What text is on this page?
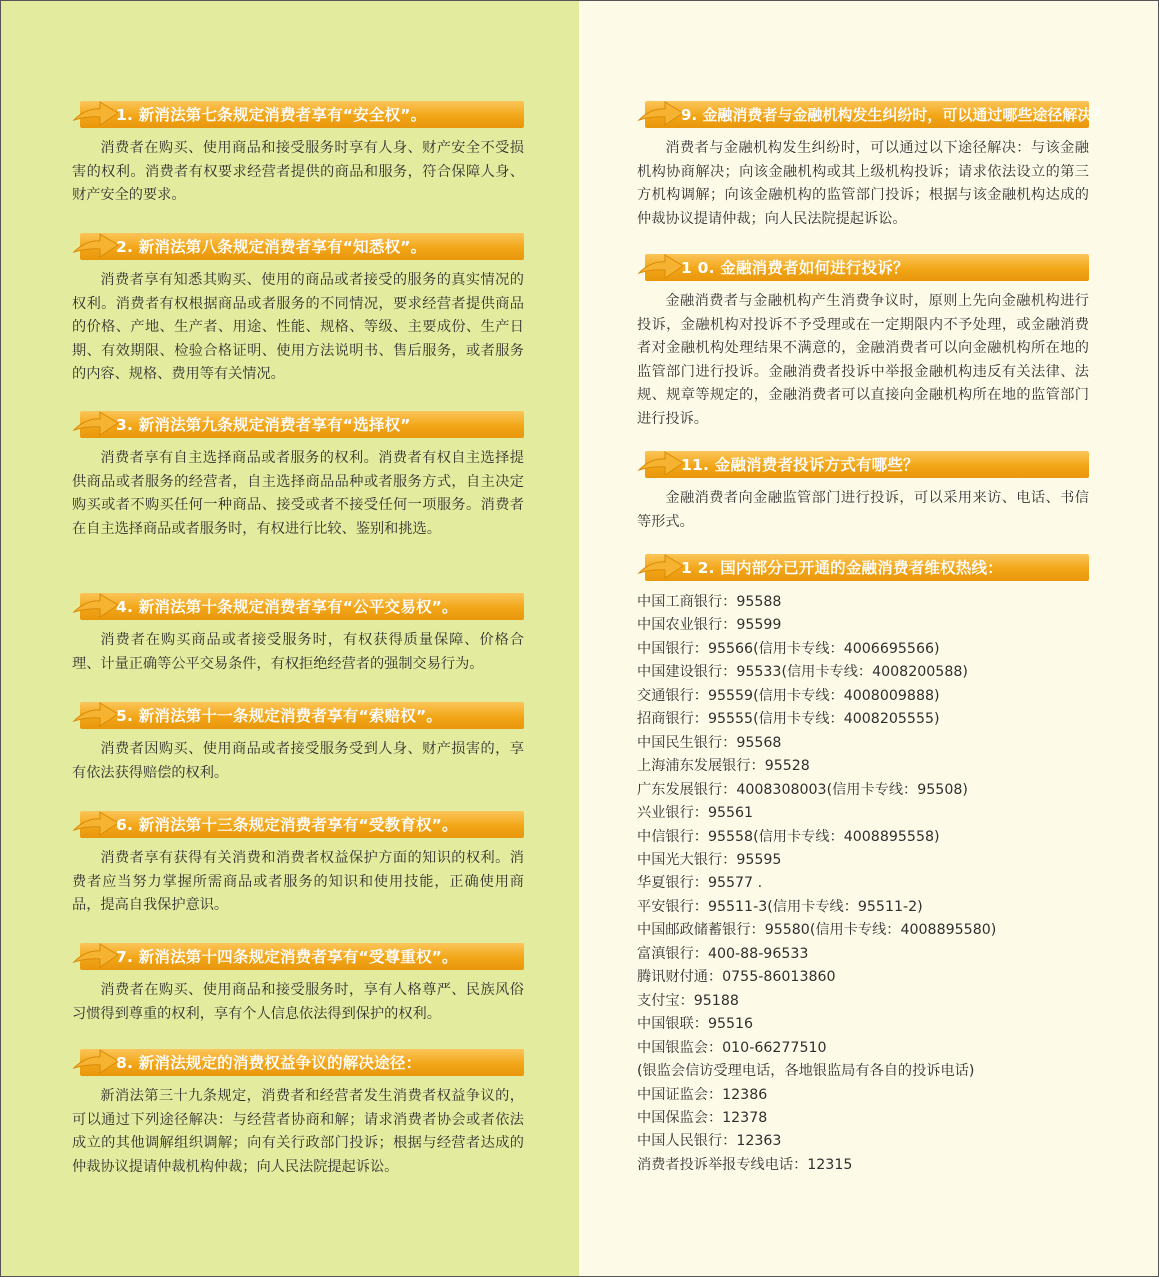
1. 新消法第七条规定消费者享有“安全权”。
消费者在购买、使用商品和接受服务时享有人身、财产安全不受损害的权利。消费者有权要求经营者提供的商品和服务，符合保障人身、财产安全的要求。
2. 新消法第八条规定消费者享有“知悉权”。
消费者享有知悉其购买、使用的商品或者接受的服务的真实情况的权利。消费者有权根据商品或者服务的不同情况，要求经营者提供商品的价格、产地、生产者、用途、性能、规格、等级、主要成份、生产日期、有效期限、检验合格证明、使用方法说明书、售后服务，或者服务的内容、规格、费用等有关情况。
3. 新消法第九条规定消费者享有“选择权”
消费者享有自主选择商品或者服务的权利。消费者有权自主选择提供商品或者服务的经营者，自主选择商品品种或者服务方式，自主决定购买或者不购买任何一种商品、接受或者不接受任何一项服务。消费者在自主选择商品或者服务时，有权进行比较、鉴别和挑选。
4. 新消法第十条规定消费者享有“公平交易权”。
消费者在购买商品或者接受服务时，有权获得质量保障、价格合理、计量正确等公平交易条件，有权拒绝经营者的强制交易行为。
5. 新消法第十一条规定消费者享有“索赔权”。
消费者因购买、使用商品或者接受服务受到人身、财产损害的，享有依法获得赔偿的权利。
6. 新消法第十三条规定消费者享有“受教育权”。
消费者享有获得有关消费和消费者权益保护方面的知识的权利。消费者应当努力掌握所需商品或者服务的知识和使用技能，正确使用商品，提高自我保护意识。
7. 新消法第十四条规定消费者享有“受尊重权”。
消费者在购买、使用商品和接受服务时，享有人格尊严、民族风俗习惯得到尊重的权利，享有个人信息依法得到保护的权利。
8. 新消法规定的消费权益争议的解决途径：
新消法第三十九条规定，消费者和经营者发生消费者权益争议的，可以通过下列途径解决：与经营者协商和解；请求消费者协会或者依法成立的其他调解组织调解；向有关行政部门投诉；根据与经营者达成的仲裁协议提请仲裁机构仲裁；向人民法院提起诉讼。
9. 金融消费者与金融机构发生纠纷时，可以通过哪些途径解决？
消费者与金融机构发生纠纷时，可以通过以下途径解决：与该金融机构协商解决；向该金融机构或其上级机构投诉；请求依法设立的第三方机构调解；向该金融机构的监管部门投诉；根据与该金融机构达成的仲裁协议提请仲裁；向人民法院提起诉讼。
1 0. 金融消费者如何进行投诉？
金融消费者与金融机构产生消费争议时，原则上先向金融机构进行投诉，金融机构对投诉不予受理或在一定期限内不予处理，或金融消费者对金融机构处理结果不满意的，金融消费者可以向金融机构所在地的监管部门进行投诉。金融消费者投诉中举报金融机构违反有关法律、法规、规章等规定的，金融消费者可以直接向金融机构所在地的监管部门进行投诉。
11. 金融消费者投诉方式有哪些？
金融消费者向金融监管部门进行投诉，可以采用来访、电话、书信等形式。
1 2. 国内部分已开通的金融消费者维权热线：
中国工商银行：95588
中国农业银行：95599
中国银行：95566(信用卡专线：4006695566)
中国建设银行：95533(信用卡专线：4008200588)
交通银行：95559(信用卡专线：4008009888)
招商银行：95555(信用卡专线：4008205555)
中国民生银行：95568
上海浦东发展银行：95528
广东发展银行：4008308003(信用卡专线：95508)
兴业银行：95561
中信银行：95558(信用卡专线：4008895558)
中国光大银行：95595
华夏银行：95577 .
平安银行：95511-3(信用卡专线：95511-2)
中国邮政储蓄银行：95580(信用卡专线：4008895580)
富滇银行：400-88-96533
腾讯财付通：0755-86013860
支付宝：95188
中国银联：95516
中国银监会：010-66277510
(银监会信访受理电话，各地银监局有各自的投诉电话)
中国证监会：12386
中国保监会：12378
中国人民银行：12363
消费者投诉举报专线电话：12315
